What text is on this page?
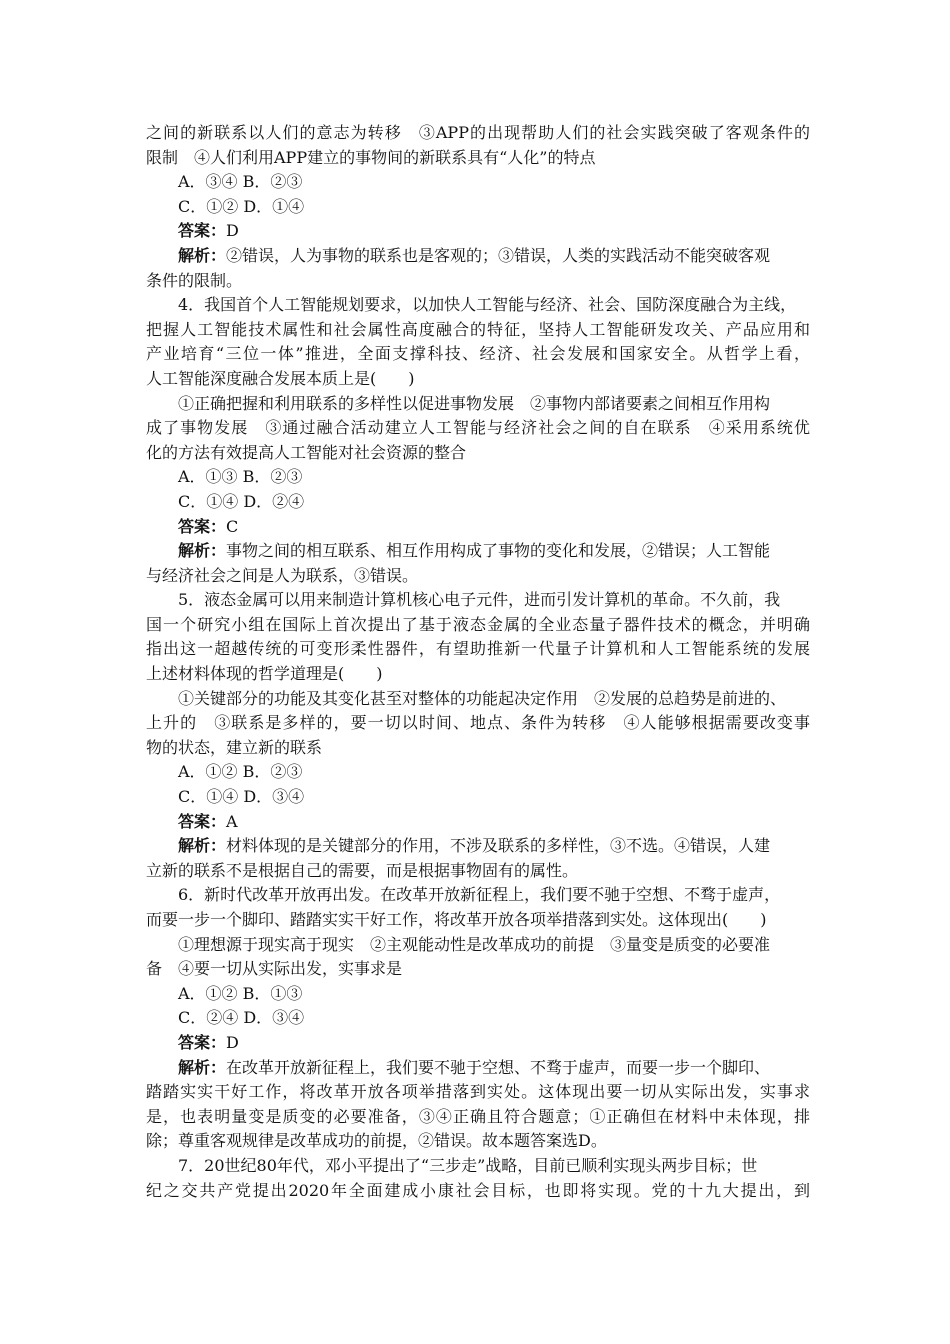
之间的新联系以人们的意志为转移　③APP的出现帮助人们的社会实践突破了客观条件的
限制　④人们利用APP建立的事物间的新联系具有“人化”的特点
A．③④ B．②③
C．①② D．①④
答案：D
解析：②错误，人为事物的联系也是客观的；③错误，人类的实践活动不能突破客观
条件的限制。
4．我国首个人工智能规划要求，以加快人工智能与经济、社会、国防深度融合为主线，
把握人工智能技术属性和社会属性高度融合的特征，坚持人工智能研发攻关、产品应用和
产业培育“三位一体”推进，全面支撑科技、经济、社会发展和国家安全。从哲学上看，
人工智能深度融合发展本质上是(　　)
①正确把握和利用联系的多样性以促进事物发展　②事物内部诸要素之间相互作用构
成了事物发展　③通过融合活动建立人工智能与经济社会之间的自在联系　④采用系统优
化的方法有效提高人工智能对社会资源的整合
A．①③ B．②③
C．①④ D．②④
答案：C
解析：事物之间的相互联系、相互作用构成了事物的变化和发展，②错误；人工智能
与经济社会之间是人为联系，③错误。
5．液态金属可以用来制造计算机核心电子元件，进而引发计算机的革命。不久前，我
国一个研究小组在国际上首次提出了基于液态金属的全业态量子器件技术的概念，并明确
指出这一超越传统的可变形柔性器件，有望助推新一代量子计算机和人工智能系统的发展
上述材料体现的哲学道理是(　　)
①关键部分的功能及其变化甚至对整体的功能起决定作用　②发展的总趋势是前进的、
上升的　③联系是多样的，要一切以时间、地点、条件为转移　④人能够根据需要改变事
物的状态，建立新的联系
A．①② B．②③
C．①④ D．③④
答案：A
解析：材料体现的是关键部分的作用，不涉及联系的多样性，③不选。④错误，人建
立新的联系不是根据自己的需要，而是根据事物固有的属性。
6．新时代改革开放再出发。在改革开放新征程上，我们要不驰于空想、不骛于虚声，
而要一步一个脚印、踏踏实实干好工作，将改革开放各项举措落到实处。这体现出(　　)
①理想源于现实高于现实　②主观能动性是改革成功的前提　③量变是质变的必要准
备　④要一切从实际出发，实事求是
A．①② B．①③
C．②④ D．③④
答案：D
解析：在改革开放新征程上，我们要不驰于空想、不骛于虚声，而要一步一个脚印、
踏踏实实干好工作，将改革开放各项举措落到实处。这体现出要一切从实际出发，实事求
是，也表明量变是质变的必要准备，③④正确且符合题意；①正确但在材料中未体现，排
除；尊重客观规律是改革成功的前提，②错误。故本题答案选D。
7．20世纪80年代，邓小平提出了“三步走”战略，目前已顺利实现头两步目标；世
纪之交共产党提出2020年全面建成小康社会目标，也即将实现。党的十九大提出，到
